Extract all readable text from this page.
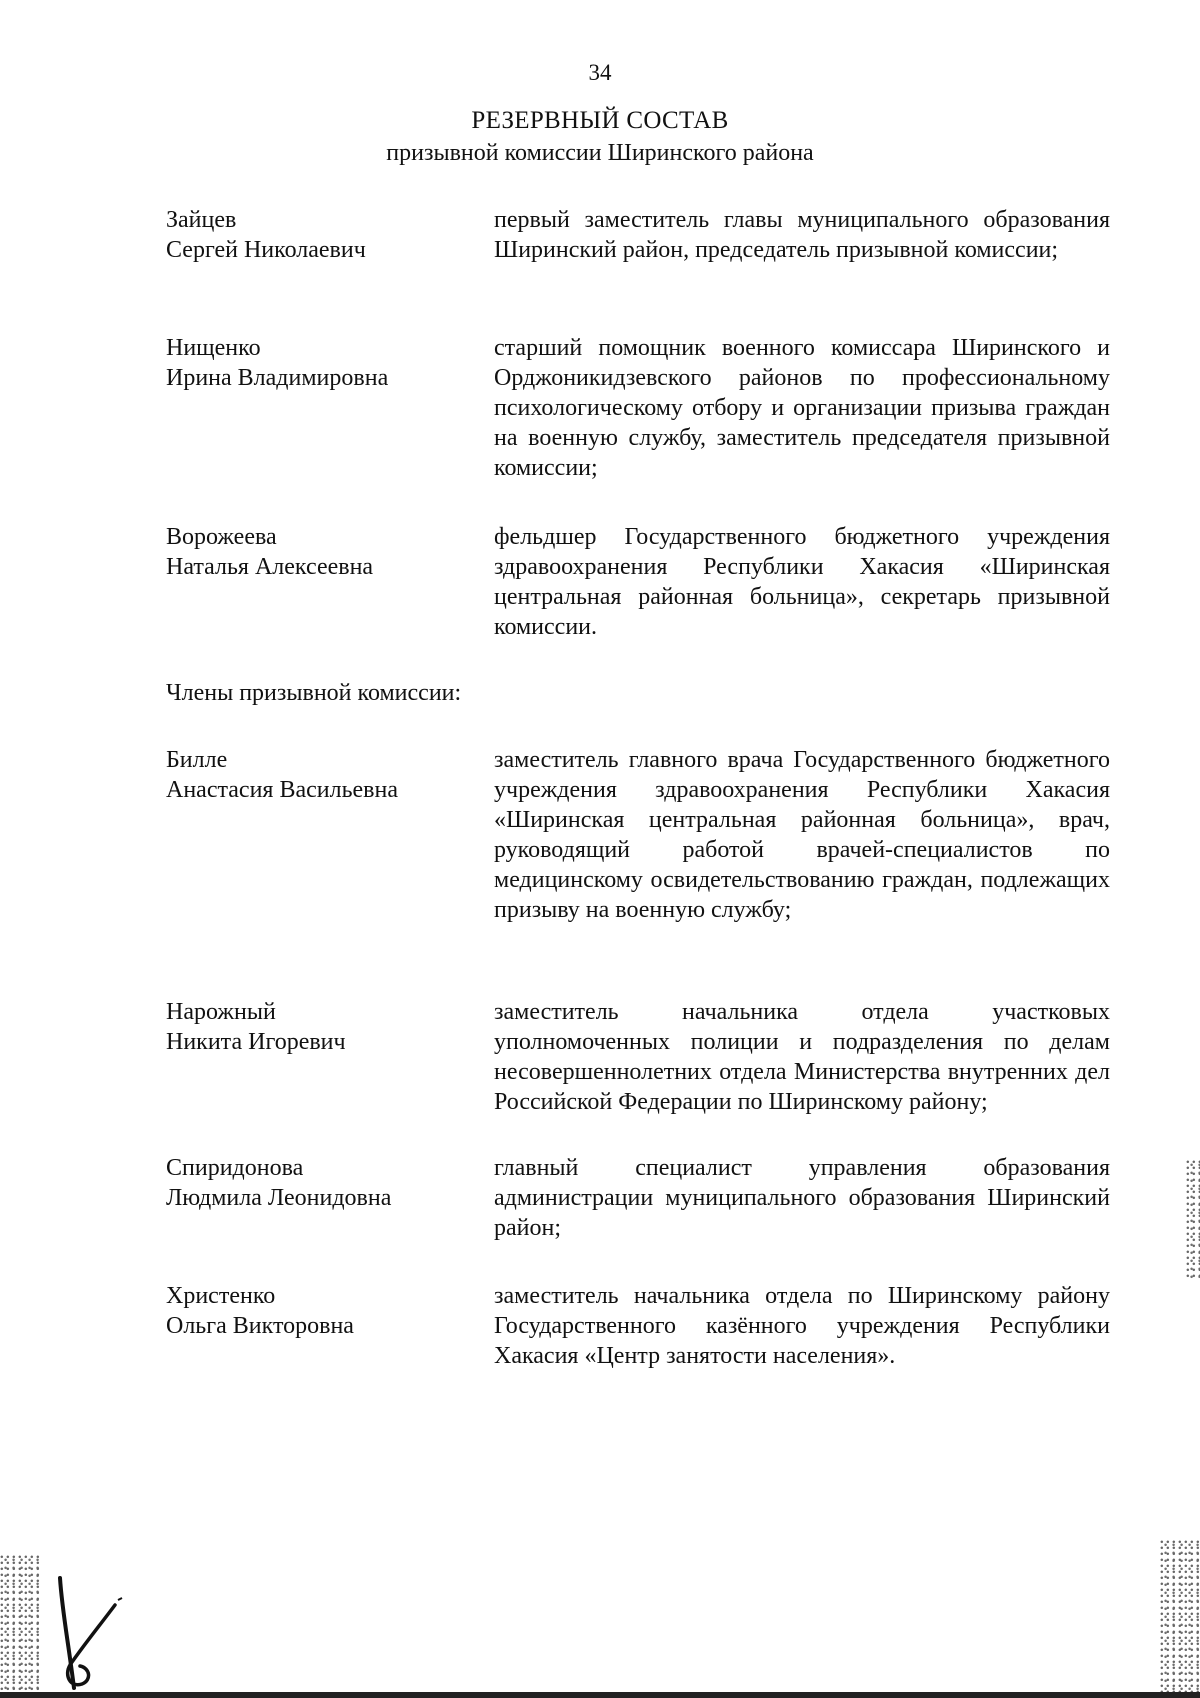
34
РЕЗЕРВНЫЙ СОСТАВ
призывной комиссии Ширинского района
Зайцев
Сергей Николаевич
первый заместитель главы муниципального образования Ширинский район, председатель призывной комиссии;
Нищенко
Ирина Владимировна
старший помощник военного комиссара Ширинского и Орджоникидзевского районов по профессиональному психологическому отбору и организации призыва граждан на военную службу, заместитель председателя призывной комиссии;
Ворожеева
Наталья Алексеевна
фельдшер Государственного бюджетного учреждения здравоохранения Республики Хакасия «Ширинская центральная районная больница», секретарь призывной комиссии.
Члены призывной комиссии:
Билле
Анастасия Васильевна
заместитель главного врача Государственного бюджетного учреждения здравоохранения Республики Хакасия «Ширинская центральная районная больница», врач, руководящий работой врачей-специалистов по медицинскому освидетельствованию граждан, подлежащих призыву на военную службу;
Нарожный
Никита Игоревич
заместитель начальника отдела участковых уполномоченных полиции и подразделения по делам несовершеннолетних отдела Министерства внутренних дел Российской Федерации по Ширинскому району;
Спиридонова
Людмила Леонидовна
главный специалист управления образования администрации муниципального образования Ширинский район;
Христенко
Ольга Викторовна
заместитель начальника отдела по Ширинскому району Государственного казённого учреждения Республики Хакасия «Центр занятости населения».
